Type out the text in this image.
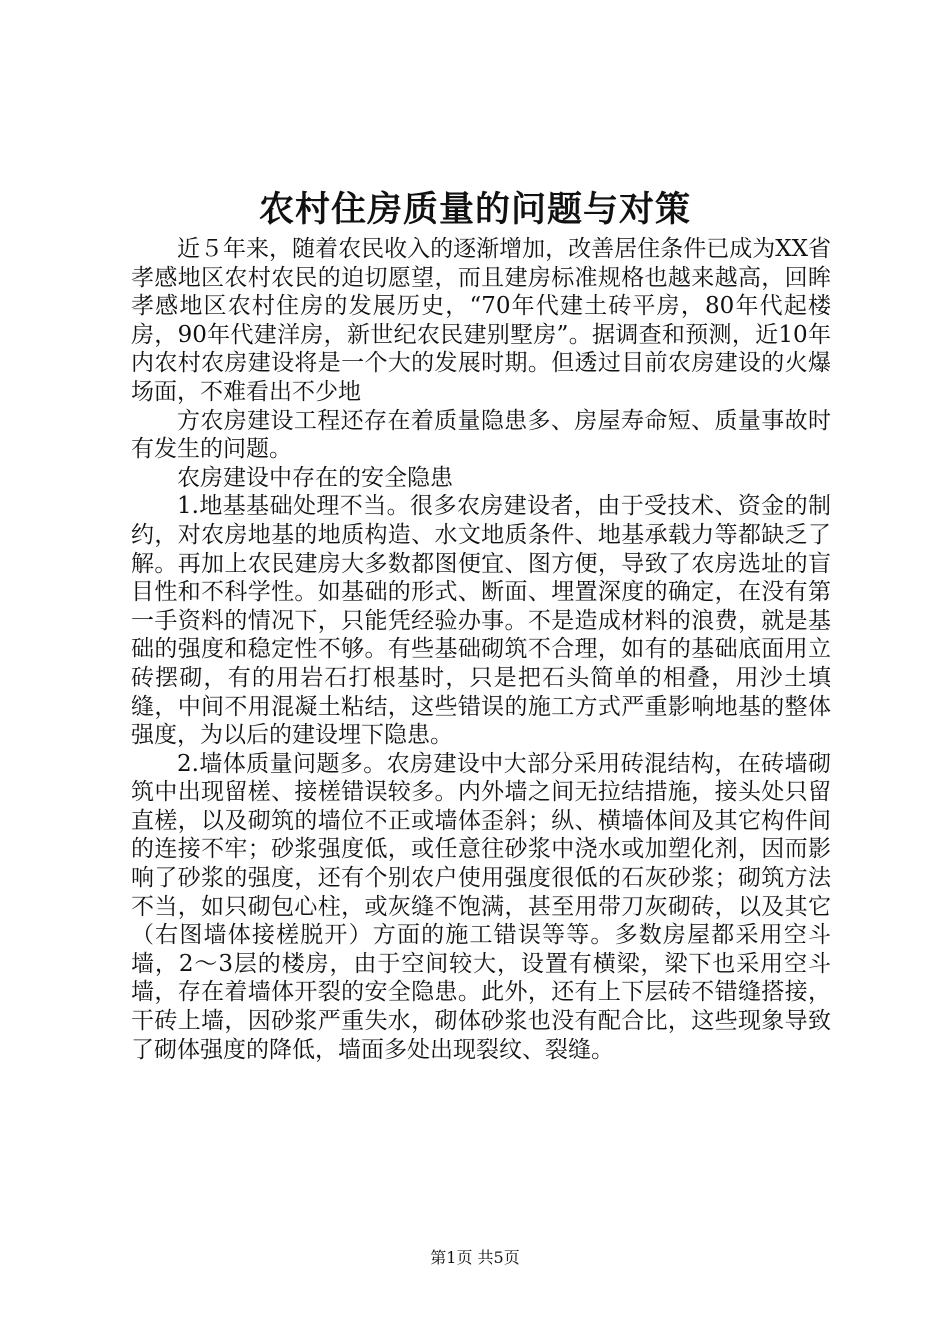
农村住房质量的问题与对策

近５年来，随着农民收入的逐渐增加，改善居住条件已成为XX省孝感地区农村农民的迫切愿望，而且建房标准规格也越来越高，回眸孝感地区农村住房的发展历史，“70年代建土砖平房，80年代起楼房，90年代建洋房，新世纪农民建别墅房”。据调查和预测，近10年内农村农房建设将是一个大的发展时期。但透过目前农房建设的火爆场面，不难看出不少地

方农房建设工程还存在着质量隐患多、房屋寿命短、质量事故时有发生的问题。

农房建设中存在的安全隐患

1.地基基础处理不当。很多农房建设者，由于受技术、资金的制约，对农房地基的地质构造、水文地质条件、地基承载力等都缺乏了解。再加上农民建房大多数都图便宜、图方便，导致了农房选址的盲目性和不科学性。如基础的形式、断面、埋置深度的确定，在没有第一手资料的情况下，只能凭经验办事。不是造成材料的浪费，就是基础的强度和稳定性不够。有些基础砌筑不合理，如有的基础底面用立砖摆砌，有的用岩石打根基时，只是把石头简单的相叠，用沙土填缝，中间不用混凝土粘结，这些错误的施工方式严重影响地基的整体强度，为以后的建设埋下隐患。

2.墙体质量问题多。农房建设中大部分采用砖混结构，在砖墙砌筑中出现留槎、接槎错误较多。内外墙之间无拉结措施，接头处只留直槎，以及砌筑的墙位不正或墙体歪斜；纵、横墙体间及其它构件间的连接不牢；砂浆强度低，或任意往砂浆中浇水或加塑化剂，因而影响了砂浆的强度，还有个别农户使用强度很低的石灰砂浆；砌筑方法不当，如只砌包心柱，或灰缝不饱满，甚至用带刀灰砌砖，以及其它（右图墙体接槎脱开）方面的施工错误等等。多数房屋都采用空斗墙，2～3层的楼房，由于空间较大，设置有横梁，梁下也采用空斗墙，存在着墙体开裂的安全隐患。此外，还有上下层砖不错缝搭接，干砖上墙，因砂浆严重失水，砌体砂浆也没有配合比，这些现象导致了砌体强度的降低，墙面多处出现裂纹、裂缝。

第1页 共5页
